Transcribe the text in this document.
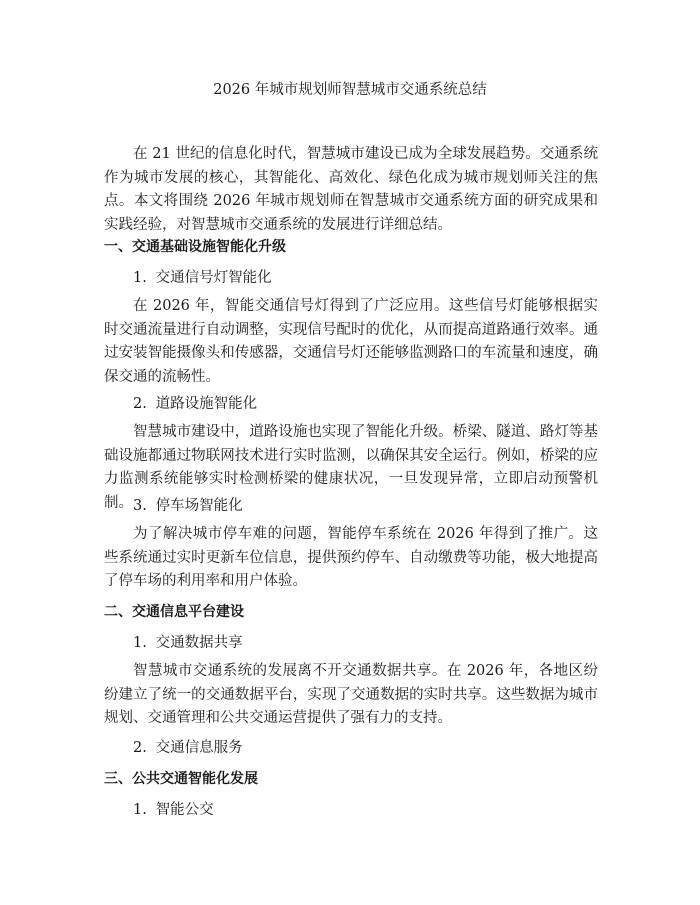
2026 年城市规划师智慧城市交通系统总结

在 21 世纪的信息化时代，智慧城市建设已成为全球发展趋势。交通系统作为城市发展的核心，其智能化、高效化、绿色化成为城市规划师关注的焦点。本文将围绕 2026 年城市规划师在智慧城市交通系统方面的研究成果和实践经验，对智慧城市交通系统的发展进行详细总结。

一、交通基础设施智能化升级
1. 交通信号灯智能化

在 2026 年，智能交通信号灯得到了广泛应用。这些信号灯能够根据实时交通流量进行自动调整，实现信号配时的优化，从而提高道路通行效率。通过安装智能摄像头和传感器，交通信号灯还能够监测路口的车流量和速度，确保交通的流畅性。

2. 道路设施智能化

智慧城市建设中，道路设施也实现了智能化升级。桥梁、隧道、路灯等基础设施都通过物联网技术进行实时监测，以确保其安全运行。例如，桥梁的应力监测系统能够实时检测桥梁的健康状况，一旦发现异常，立即启动预警机制。 3. 停车场智能化

为了解决城市停车难的问题，智能停车系统在 2026 年得到了推广。这些系统通过实时更新车位信息，提供预约停车、自动缴费等功能，极大地提高了停车场的利用率和用户体验。

二、交通信息平台建设
1. 交通数据共享

智慧城市交通系统的发展离不开交通数据共享。在 2026 年，各地区纷纷建立了统一的交通数据平台，实现了交通数据的实时共享。这些数据为城市规划、交通管理和公共交通运营提供了强有力的支持。

2. 交通信息服务
三、公共交通智能化发展
1. 智能公交
